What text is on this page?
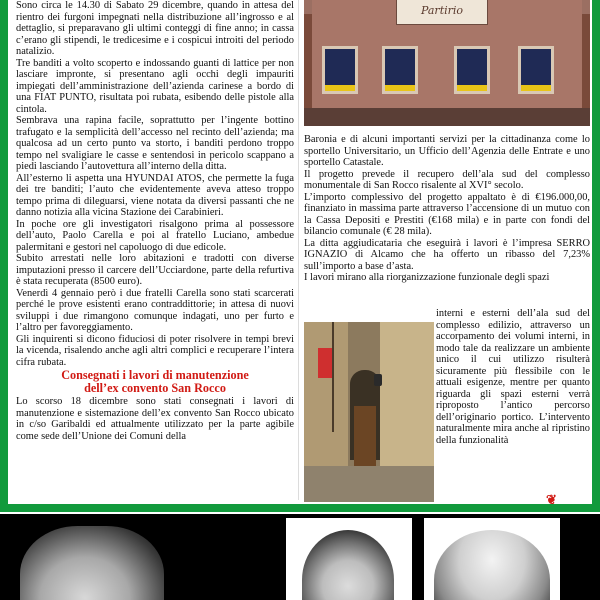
Sono circa le 14.30 di Sabato 29 dicembre, quando in attesa del rientro dei furgoni impegnati nella distribuzione all’ingrosso e al dettaglio, si preparavano gli ultimi conteggi di fine anno; in cassa c’erano gli stipendi, le tredicesime e i cospicui introiti del periodo natalizio.

Tre banditi a volto scoperto e indossando guanti di lattice per non lasciare impronte, si presentano agli occhi degli impauriti impiegati dell’amministrazione dell’azienda carinese a bordo di una FIAT PUNTO, risultata poi rubata, esibendo delle pistole alla cintola.

Sembrava una rapina facile, soprattutto per l’ingente bottino trafugato e la semplicità dell’accesso nel recinto dell’azienda; ma qualcosa ad un certo punto va storto, i banditi perdono troppo tempo nel svaligiare le casse e sentendosi in pericolo scappano a piedi lasciando l’autovettura all’interno della ditta.

All’esterno li aspetta una HYUNDAI ATOS, che permette la fuga dei tre banditi; l’auto che evidentemente aveva atteso troppo tempo prima di dileguarsi, viene notata da diversi passanti che ne danno notizia alla vicina Stazione dei Carabinieri.

In poche ore gli investigatori risalgono prima al possessore dell’auto, Paolo Carella e poi al fratello Luciano, ambedue palermitani e gestori nel capoluogo di due edicole.

Subito arrestati nelle loro abitazioni e tradotti con diverse imputazioni presso il carcere dell’Ucciardone, parte della refurtiva è stata recuperata (8500 euro).

Venerdì 4 gennaio però i due fratelli Carella sono stati scarcerati perché le prove esistenti erano contraddittorie; in attesa di nuovi sviluppi i due rimangono comunque indagati, uno per furto e l’altro per favoreggiamento.

Gli inquirenti si dicono fiduciosi di poter risolvere in tempi brevi la vicenda, risalendo anche agli altri complici e recuperare l’intera cifra rubata.

Consegnati i lavori di manutenzione
dell’ex convento San Rocco

Lo scorso 18 dicembre sono stati consegnati i lavori di manutenzione e sistemazione dell’ex convento San Rocco ubicato in c/so Garibaldi ed attualmente utilizzato per la parte agibile come sede dell’Unione dei Comuni della

Partirio

Baronia e di alcuni importanti servizi per la cittadinanza come lo sportello Universitario, un Ufficio dell’Agenzia delle Entrate e uno sportello Catastale.

Il progetto prevede il recupero dell’ala sud del complesso monumentale di San Rocco risalente al XVI° secolo.

L’importo complessivo del progetto appaltato è di €196.000,00, finanziato in massima parte attraverso l’accensione di un mutuo con la Cassa Depositi e Prestiti (€168 mila) e in parte con fondi del bilancio comunale (€ 28 mila).

La ditta aggiudicataria che eseguirà i lavori è l’impresa SERRO IGNAZIO di Alcamo che ha offerto un ribasso del 7,23% sull’importo a base d’asta.

I lavori mirano alla riorganizzazione funzionale degli spazi

interni e esterni dell’ala sud del complesso edilizio, attraverso un accorpamento dei volumi interni, in modo tale da realizzare un ambiente unico il cui utilizzo risulterà sicuramente più flessibile con le attuali esigenze, mentre per quanto riguarda gli spazi esterni verrà riproposto l’antico percorso dell’originario portico. L’intervento naturalmente mira anche al ripristino della funzionalità

❦
